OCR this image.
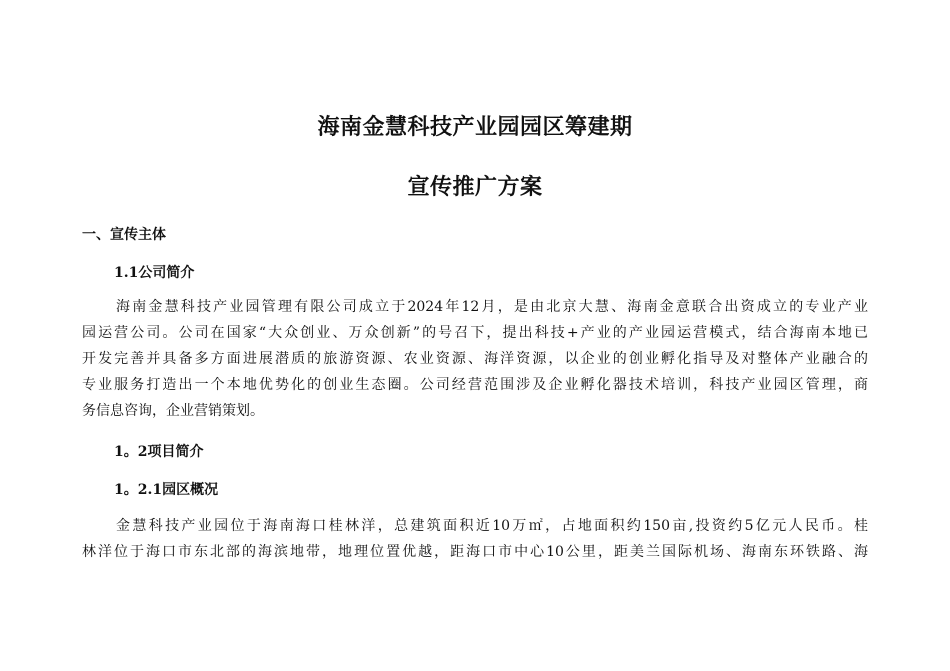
海南金慧科技产业园园区筹建期
宣传推广方案
一、宣传主体
1.1公司简介
海南金慧科技产业园管理有限公司成立于2024年12月，是由北京大慧、海南金意联合出资成立的专业产业
园运营公司。公司在国家“大众创业、万众创新”的号召下，提出科技+产业的产业园运营模式，结合海南本地已
开发完善并具备多方面进展潜质的旅游资源、农业资源、海洋资源，以企业的创业孵化指导及对整体产业融合的
专业服务打造出一个本地优势化的创业生态圈。公司经营范围涉及企业孵化器技术培训，科技产业园区管理，商
务信息咨询，企业营销策划。
1。2项目简介
1。2.1园区概况
金慧科技产业园位于海南海口桂林洋，总建筑面积近10万㎡，占地面积约150亩,投资约5亿元人民币。桂
林洋位于海口市东北部的海滨地带，地理位置优越，距海口市中心10公里，距美兰国际机场、海南东环铁路、海
